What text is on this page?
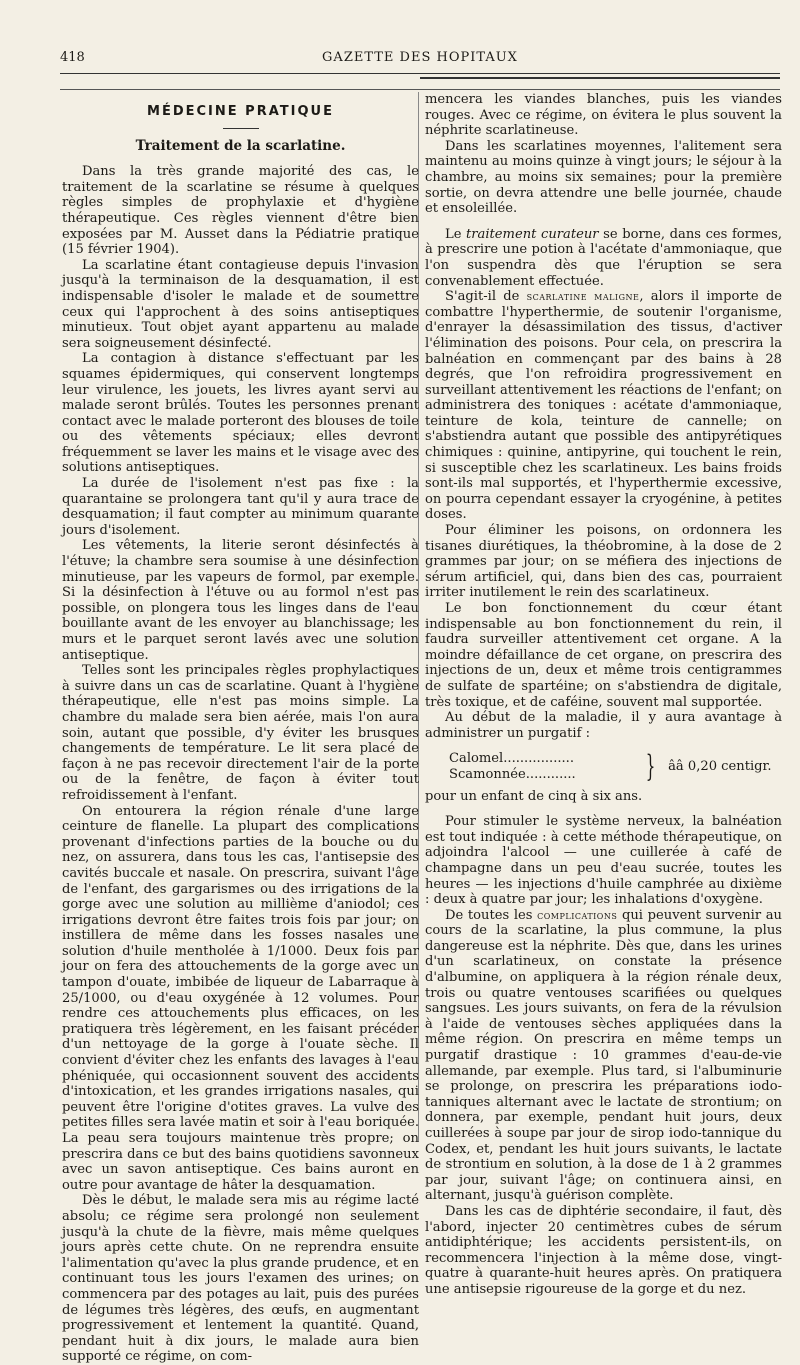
418	GAZETTE DES HOPITAUX
MÉDECINE PRATIQUE
Traitement de la scarlatine.

Dans la très grande majorité des cas, le traitement de la scarlatine se résume à quelques règles simples de prophylaxie et d'hygiène thérapeutique. Ces règles viennent d'être bien exposées par M. Ausset dans la Pédiatrie pratique (15 février 1904).

La scarlatine étant contagieuse depuis l'invasion jusqu'à la terminaison de la desquamation, il est indispensable d'isoler le malade et de soumettre ceux qui l'approchent à des soins antiseptiques minutieux. Tout objet ayant appartenu au malade sera soigneusement désinfecté.

La contagion à distance s'effectuant par les squames épidermiques, qui conservent longtemps leur virulence, les jouets, les livres ayant servi au malade seront brûlés. Toutes les personnes prenant contact avec le malade porteront des blouses de toile ou des vêtements spéciaux; elles devront fréquemment se laver les mains et le visage avec des solutions antiseptiques.

La durée de l'isolement n'est pas fixe : la quarantaine se prolongera tant qu'il y aura trace de desquamation; il faut compter au minimum quarante jours d'isolement.

Les vêtements, la literie seront désinfectés à l'étuve; la chambre sera soumise à une désinfection minutieuse, par les vapeurs de formol, par exemple. Si la désinfection à l'étuve ou au formol n'est pas possible, on plongera tous les linges dans de l'eau bouillante avant de les envoyer au blanchissage; les murs et le parquet seront lavés avec une solution antiseptique.

Telles sont les principales règles prophylactiques à suivre dans un cas de scarlatine. Quant à l'hygiène thérapeutique, elle n'est pas moins simple. La chambre du malade sera bien aérée, mais l'on aura soin, autant que possible, d'y éviter les brusques changements de température. Le lit sera placé de façon à ne pas recevoir directement l'air de la porte ou de la fenêtre, de façon à éviter tout refroidissement à l'enfant.

On entourera la région rénale d'une large ceinture de flanelle. La plupart des complications provenant d'infections parties de la bouche ou du nez, on assurera, dans tous les cas, l'antisepsie des cavités buccale et nasale. On prescrira, suivant l'âge de l'enfant, des gargarismes ou des irrigations de la gorge avec une solution au millième d'aniodol; ces irrigations devront être faites trois fois par jour; on instillera de même dans les fosses nasales une solution d'huile mentholée à 1/1000. Deux fois par jour on fera des attouchements de la gorge avec un tampon d'ouate, imbibée de liqueur de Labarraque à 25/1000, ou d'eau oxygénée à 12 volumes. Pour rendre ces attouchements plus efficaces, on les pratiquera très légèrement, en les faisant précéder d'un nettoyage de la gorge à l'ouate sèche. Il convient d'éviter chez les enfants des lavages à l'eau phéniquée, qui occasionnent souvent des accidents d'intoxication, et les grandes irrigations nasales, qui peuvent être l'origine d'otites graves. La vulve des petites filles sera lavée matin et soir à l'eau boriquée. La peau sera toujours maintenue très propre; on prescrira dans ce but des bains quotidiens savonneux avec un savon antiseptique. Ces bains auront en outre pour avantage de hâter la desquamation.

Dès le début, le malade sera mis au régime lacté absolu; ce régime sera prolongé non seulement jusqu'à la chute de la fièvre, mais même quelques jours après cette chute. On ne reprendra ensuite l'alimentation qu'avec la plus grande prudence, et en continuant tous les jours l'examen des urines; on commencera par des potages au lait, puis des purées de légumes très légères, des œufs, en augmentant progressivement et lentement la quantité. Quand, pendant huit à dix jours, le malade aura bien supporté ce régime, on com-

mencera les viandes blanches, puis les viandes rouges. Avec ce régime, on évitera le plus souvent la néphrite scarlatineuse.

Dans les scarlatines moyennes, l'alitement sera maintenu au moins quinze à vingt jours; le séjour à la chambre, au moins six semaines; pour la première sortie, on devra attendre une belle journée, chaude et ensoleillée.

Le traitement curateur se borne, dans ces formes, à prescrire une potion à l'acétate d'ammoniaque, que l'on suspendra dès que l'éruption se sera convenablement effectuée.

S'agit-il de scarlatine maligne, alors il importe de combattre l'hyperthermie, de soutenir l'organisme, d'enrayer la désassimilation des tissus, d'activer l'élimination des poisons. Pour cela, on prescrira la balnéation en commençant par des bains à 28 degrés, que l'on refroidira progressivement en surveillant attentivement les réactions de l'enfant; on administrera des toniques : acétate d'ammoniaque, teinture de kola, teinture de cannelle; on s'abstiendra autant que possible des antipyrétiques chimiques : quinine, antipyrine, qui touchent le rein, si susceptible chez les scarlatineux. Les bains froids sont-ils mal supportés, et l'hyperthermie excessive, on pourra cependant essayer la cryogénine, à petites doses.

Pour éliminer les poisons, on ordonnera les tisanes diurétiques, la théobromine, à la dose de 2 grammes par jour; on se méfiera des injections de sérum artificiel, qui, dans bien des cas, pourraient irriter inutilement le rein des scarlatineux.

Le bon fonctionnement du cœur étant indispensable au bon fonctionnement du rein, il faudra surveiller attentivement cet organe. A la moindre défaillance de cet organe, on prescrira des injections de un, deux et même trois centigrammes de sulfate de spartéine; on s'abstiendra de digitale, très toxique, et de caféine, souvent mal supportée.

Au début de la maladie, il y aura avantage à administrer un purgatif :

Calomel.................
Scamonnée............	} ââ 0,20 centigr.

pour un enfant de cinq à six ans.

Pour stimuler le système nerveux, la balnéation est tout indiquée : à cette méthode thérapeutique, on adjoindra l'alcool — une cuillerée à café de champagne dans un peu d'eau sucrée, toutes les heures — les injections d'huile camphrée au dixième : deux à quatre par jour; les inhalations d'oxygène.

De toutes les complications qui peuvent survenir au cours de la scarlatine, la plus commune, la plus dangereuse est la néphrite. Dès que, dans les urines d'un scarlatineux, on constate la présence d'albumine, on appliquera à la région rénale deux, trois ou quatre ventouses scarifiées ou quelques sangsues. Les jours suivants, on fera de la révulsion à l'aide de ventouses sèches appliquées dans la même région. On prescrira en même temps un purgatif drastique : 10 grammes d'eau-de-vie allemande, par exemple. Plus tard, si l'albuminurie se prolonge, on prescrira les préparations iodo-tanniques alternant avec le lactate de strontium; on donnera, par exemple, pendant huit jours, deux cuillerées à soupe par jour de sirop iodo-tannique du Codex, et, pendant les huit jours suivants, le lactate de strontium en solution, à la dose de 1 à 2 grammes par jour, suivant l'âge; on continuera ainsi, en alternant, jusqu'à guérison complète.

Dans les cas de diphtérie secondaire, il faut, dès l'abord, injecter 20 centimètres cubes de sérum antidiphtérique; les accidents persistent-ils, on recommencera l'injection à la même dose, vingt-quatre à quarante-huit heures après. On pratiquera une antisepsie rigoureuse de la gorge et du nez.
